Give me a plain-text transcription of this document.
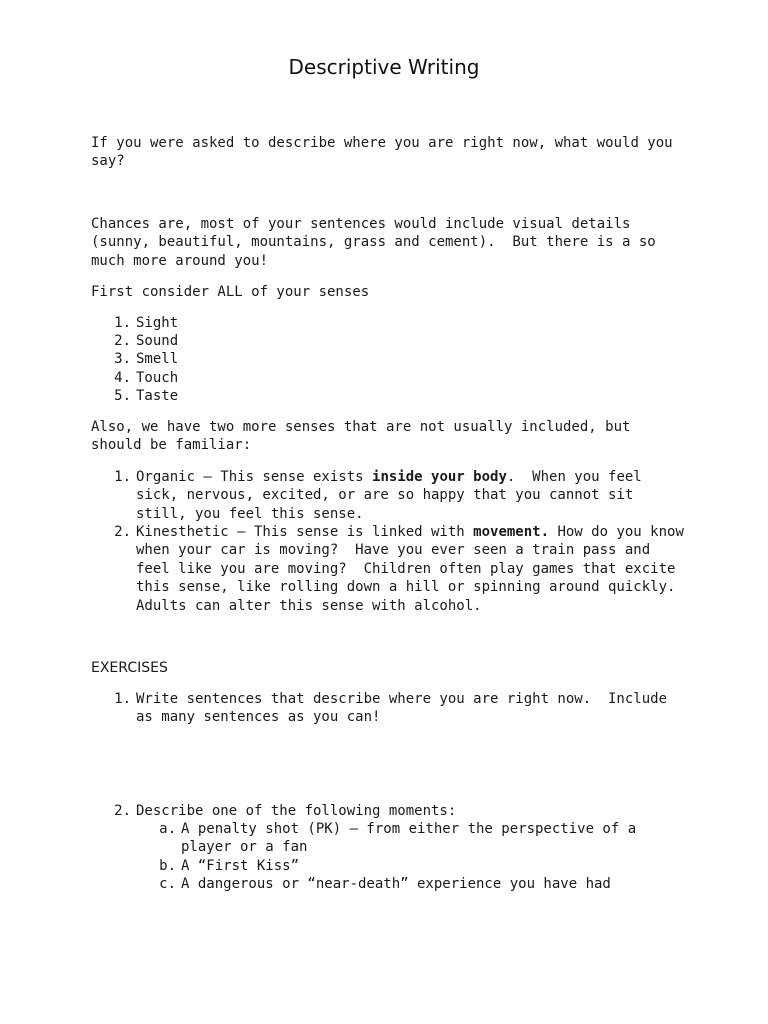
Descriptive Writing
If you were asked to describe where you are right now, what would you
say?
Chances are, most of your sentences would include visual details
(sunny, beautiful, mountains, grass and cement).  But there is a so
much more around you!
First consider ALL of your senses
1. Sight
2. Sound
3. Smell
4. Touch
5. Taste
Also, we have two more senses that are not usually included, but
should be familiar:
1. Organic – This sense exists inside your body.  When you feel
sick, nervous, excited, or are so happy that you cannot sit
still, you feel this sense.
2. Kinesthetic – This sense is linked with movement. How do you know
when your car is moving?  Have you ever seen a train pass and
feel like you are moving?  Children often play games that excite
this sense, like rolling down a hill or spinning around quickly.
Adults can alter this sense with alcohol.
EXERCISES
1. Write sentences that describe where you are right now.  Include
as many sentences as you can!
2. Describe one of the following moments:
a. A penalty shot (PK) – from either the perspective of a
player or a fan
b. A “First Kiss”
c. A dangerous or “near-death” experience you have had
